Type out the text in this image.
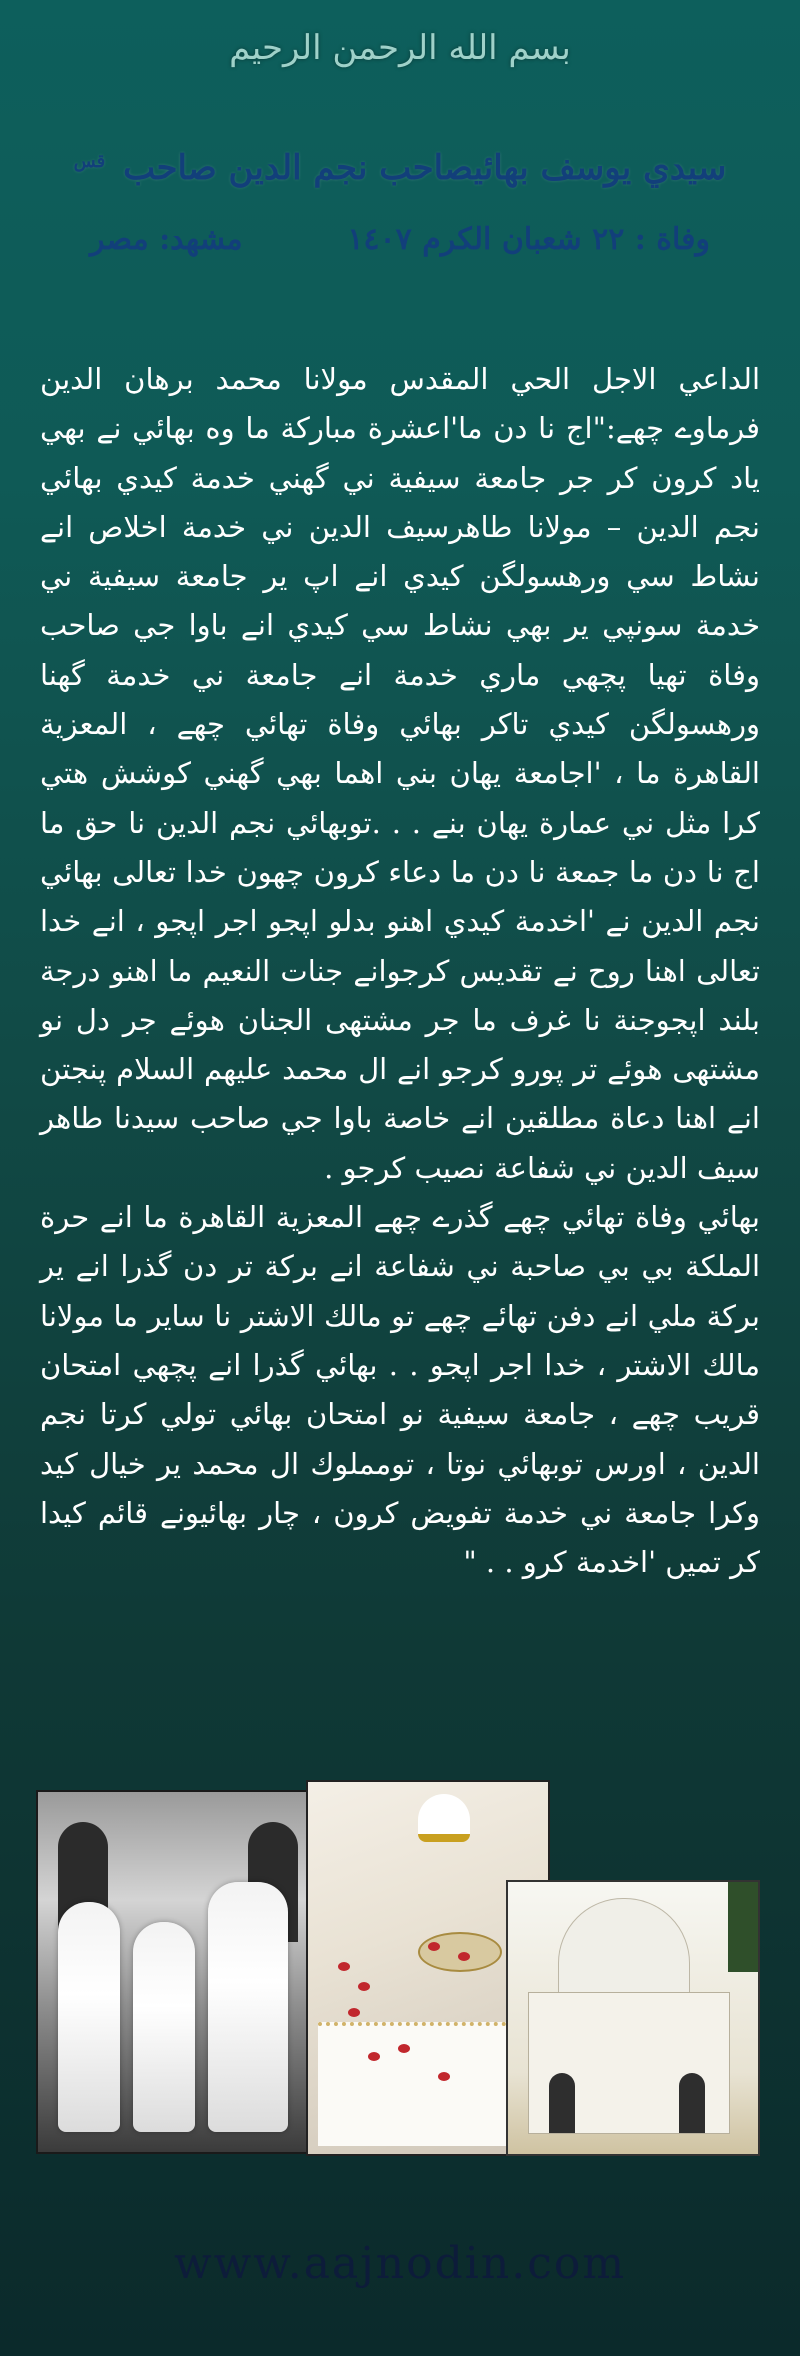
بسم الله الرحمن الرحيم
سيدي يوسف بهائيصاحب نجم الدين صاحب $^{قس}$
وفاة : ٢٢ شعبان الكرم ١٤٠٧
مشهد: مصر

الداعي الاجل الحي المقدس مولانا محمد برهان الدين فرماوے چهے:"اج نا دن ما'اعشرة مباركة ما وه بهائي نے بهي ياد كرون كر جر جامعة سيفية ني گهني خدمة كيدي بهائي نجم الدين – مولانا طاهرسيف الدين ني خدمة اخلاص انے نشاط سي ورهسولگن كيدي انے اپ ير جامعة سيفية ني خدمة سونپي ير بهي نشاط سي كيدي انے باوا جي صاحب وفاة تهيا پچهي ماري خدمة انے جامعة ني خدمة گهنا ورهسولگن كيدي تاكر بهائي وفاة تهائي چهے ، المعزية القاهرة ما ، 'اجامعة يهان بني اهما بهي گهني كوشش هتي كرا مثل ني عمارة يهان بنے . . .توبهائي نجم الدين نا حق ما اج نا دن ما جمعة نا دن ما دعاء كرون چهون خدا تعالى بهائي نجم الدين نے 'اخدمة كيدي اهنو بدلو اپجو اجر اپجو ، انے خدا تعالى اهنا روح نے تقديس كرجوانے جنات النعيم ما اهنو درجة بلند اپجوجنة نا غرف ما جر مشتهى الجنان هوئے جر دل نو مشتهى هوئے تر پورو كرجو انے ال محمد عليهم السلام پنجتن انے اهنا دعاة مطلقين انے خاصة باوا جي صاحب سيدنا طاهر سيف الدين ني شفاعة نصيب كرجو .

بهائي وفاة تهائي چهے گذرے چهے المعزية القاهرة ما انے حرة الملكة بي بي صاحبة ني شفاعة انے بركة تر دن گذرا انے ير بركة ملي انے دفن تهائے چهے تو مالك الاشتر نا ساير ما مولانا مالك الاشتر ، خدا اجر اپجو . . بهائي گذرا انے پچهي امتحان قريب چهے ، جامعة سيفية نو امتحان بهائي تولي كرتا نجم الدين ، اورس توبهائي نوتا ، تومملوك ال محمد ير خيال كيد وكرا جامعة ني خدمة تفويض كرون ، چار بهائيونے قائم كيدا كر تميں 'اخدمة كرو . . "

www.aajnodin.com
